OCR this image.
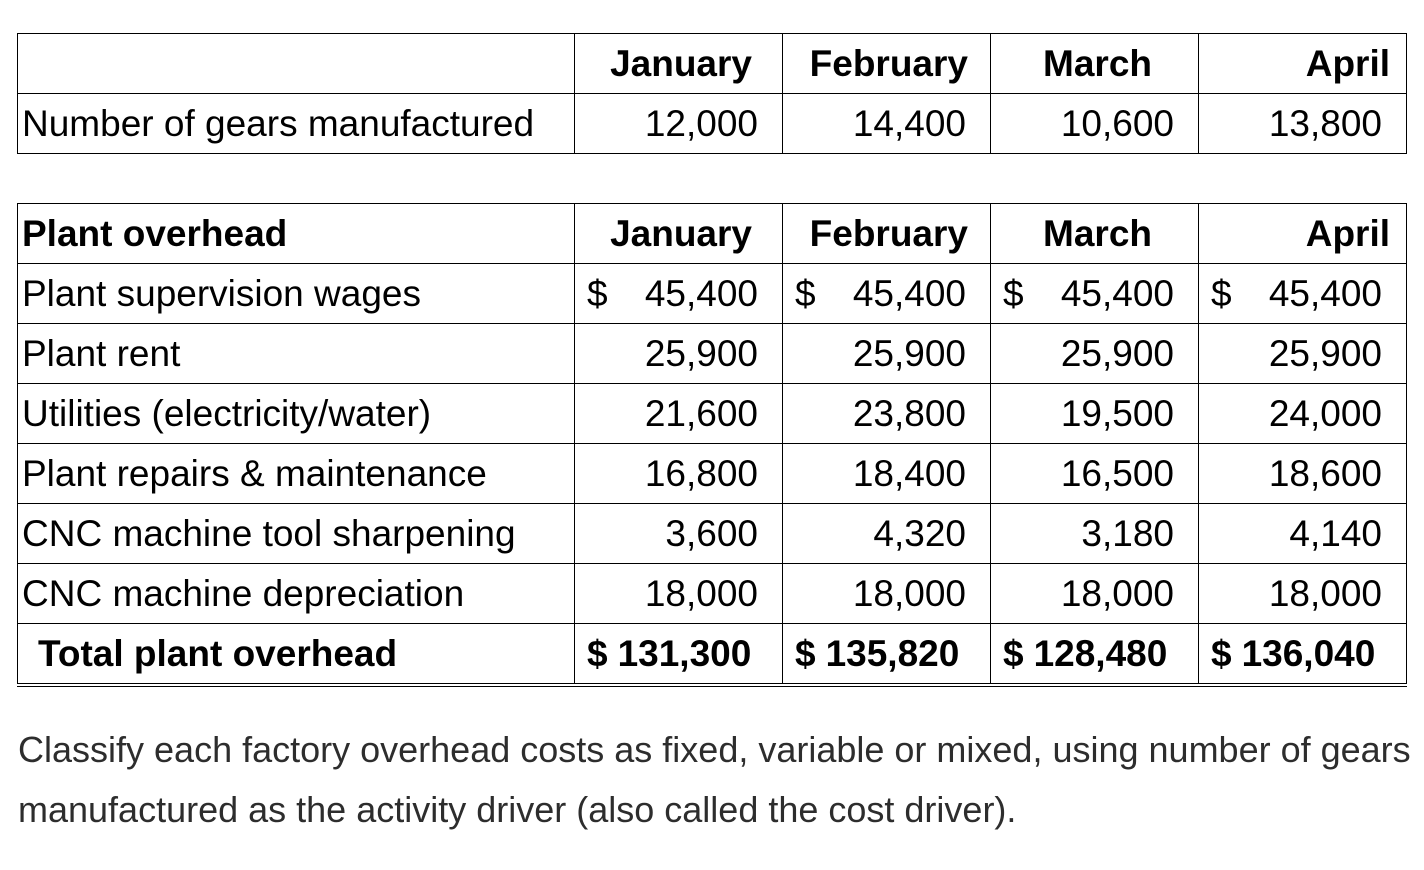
	January	February	March	April
Number of gears manufactured	12,000	14,400	10,600	13,800
Plant overhead	January	February	March	April
Plant supervision wages	$ 45,400	$ 45,400	$ 45,400	$ 45,400

Plant rent	25,900	25,900	25,900	25,900
Utilities (electricity/water)	21,600	23,800	19,500	24,000
Plant repairs & maintenance	16,800	18,400	16,500	18,600
CNC machine tool sharpening	3,600	4,320	3,180	4,140
CNC machine depreciation	18,000	18,000	18,000	18,000
Total plant overhead	$ 131,300	$ 135,820	$ 128,480	$ 136,040

Classify each factory overhead costs as fixed, variable or mixed, using number of gears manufactured as the activity driver (also called the cost driver).
